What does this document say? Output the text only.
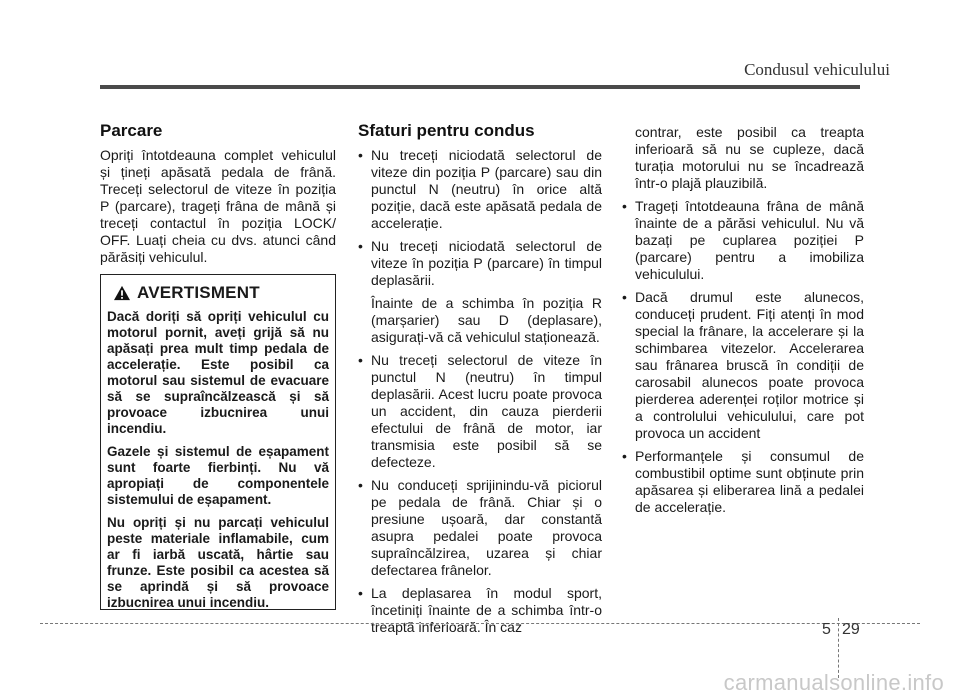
Condusul vehiculului
Parcare

Opriți întotdeauna complet vehiculul și țineți apăsată pedala de frână. Treceți selectorul de viteze în poziția P (parcare), trageți frâna de mână și treceți contactul în poziția LOCK/ OFF. Luați cheia cu dvs. atunci când părăsiți vehiculul.

AVERTISMENT

Dacă doriți să opriți vehiculul cu motorul pornit, aveți grijă să nu apăsați prea mult timp pedala de accelerație. Este posibil ca motorul sau sistemul de evacuare să se supraîncălzească și să provoace izbucnirea unui incendiu.

Gazele și sistemul de eșapament sunt foarte fierbinți. Nu vă apropiați de componentele sistemului de eșapament.

Nu opriți și nu parcați vehiculul peste materiale inflamabile, cum ar fi iarbă uscată, hârtie sau frunze. Este posibil ca acestea să se aprindă și să provoace izbucnirea unui incendiu.

Sfaturi pentru condus
• Nu treceți niciodată selectorul de viteze din poziția P (parcare) sau din punctul N (neutru) în orice altă poziție, dacă este apăsată pedala de accelerație.
• Nu treceți niciodată selectorul de viteze în poziția P (parcare) în timpul deplasării.
Înainte de a schimba în poziția R (marșarier) sau D (deplasare), asigurați-vă că vehiculul staționează.
• Nu treceți selectorul de viteze în punctul N (neutru) în timpul deplasării. Acest lucru poate provoca un accident, din cauza pierderii efectului de frână de motor, iar transmisia este posibil să se defecteze.
• Nu conduceți sprijinindu-vă piciorul pe pedala de frână. Chiar și o presiune ușoară, dar constantă asupra pedalei poate provoca supraîncălzirea, uzarea și chiar defectarea frânelor.
• La deplasarea în modul sport, încetiniți înainte de a schimba într-o treaptă inferioară. În caz
contrar, este posibil ca treapta inferioară să nu se cupleze, dacă turația motorului nu se încadrează într-o plajă plauzibilă.
• Trageți întotdeauna frâna de mână înainte de a părăsi vehiculul. Nu vă bazați pe cuplarea poziției P (parcare) pentru a imobiliza vehiculului.
• Dacă drumul este alunecos, conduceți prudent. Fiți atenți în mod special la frânare, la accelerare și la schimbarea vitezelor. Accelerarea sau frânarea bruscă în condiții de carosabil alunecos poate provoca pierderea aderenței roților motrice și a controlului vehiculului, care pot provoca un accident
• Performanțele și consumul de combustibil optime sunt obținute prin apăsarea și eliberarea lină a pedalei de accelerație.
5 29
carmanualsonline.info
